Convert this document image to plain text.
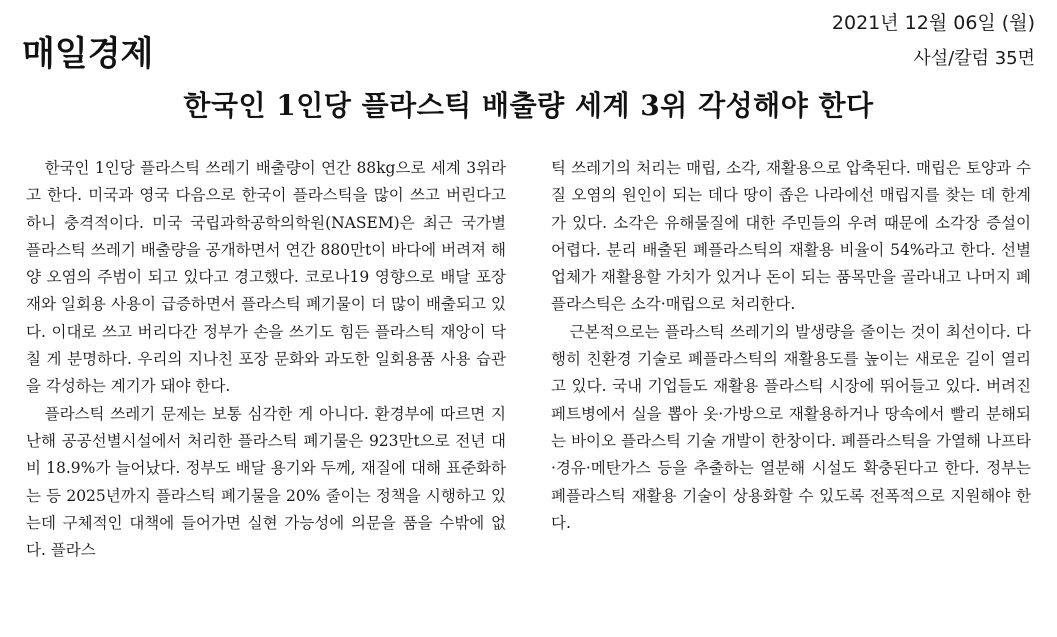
매일경제
2021년 12월 06일 (월)
사설/칼럼 35면
한국인 1인당 플라스틱 배출량 세계 3위 각성해야 한다

한국인 1인당 플라스틱 쓰레기 배출량이 연간 88kg으로 세계 3위라고 한다. 미국과 영국 다음으로 한국이 플라스틱을 많이 쓰고 버린다고 하니 충격적이다. 미국 국립과학공학의학원(NASEM)은 최근 국가별 플라스틱 쓰레기 배출량을 공개하면서 연간 880만t이 바다에 버려져 해양 오염의 주범이 되고 있다고 경고했다. 코로나19 영향으로 배달 포장재와 일회용 사용이 급증하면서 플라스틱 폐기물이 더 많이 배출되고 있다. 이대로 쓰고 버리다간 정부가 손을 쓰기도 힘든 플라스틱 재앙이 닥칠 게 분명하다. 우리의 지나친 포장 문화와 과도한 일회용품 사용 습관을 각성하는 계기가 돼야 한다.

플라스틱 쓰레기 문제는 보통 심각한 게 아니다. 환경부에 따르면 지난해 공공선별시설에서 처리한 플라스틱 폐기물은 923만t으로 전년 대비 18.9%가 늘어났다. 정부도 배달 용기와 두께, 재질에 대해 표준화하는 등 2025년까지 플라스틱 폐기물을 20% 줄이는 정책을 시행하고 있는데 구체적인 대책에 들어가면 실현 가능성에 의문을 품을 수밖에 없다. 플라스

틱 쓰레기의 처리는 매립, 소각, 재활용으로 압축된다. 매립은 토양과 수질 오염의 원인이 되는 데다 땅이 좁은 나라에선 매립지를 찾는 데 한계가 있다. 소각은 유해물질에 대한 주민들의 우려 때문에 소각장 증설이 어렵다. 분리 배출된 폐플라스틱의 재활용 비율이 54%라고 한다. 선별 업체가 재활용할 가치가 있거나 돈이 되는 품목만을 골라내고 나머지 폐플라스틱은 소각·매립으로 처리한다.

근본적으로는 플라스틱 쓰레기의 발생량을 줄이는 것이 최선이다. 다행히 친환경 기술로 폐플라스틱의 재활용도를 높이는 새로운 길이 열리고 있다. 국내 기업들도 재활용 플라스틱 시장에 뛰어들고 있다. 버려진 페트병에서 실을 뽑아 옷·가방으로 재활용하거나 땅속에서 빨리 분해되는 바이오 플라스틱 기술 개발이 한창이다. 폐플라스틱을 가열해 나프타·경유·메탄가스 등을 추출하는 열분해 시설도 확충된다고 한다. 정부는 폐플라스틱 재활용 기술이 상용화할 수 있도록 전폭적으로 지원해야 한다.
